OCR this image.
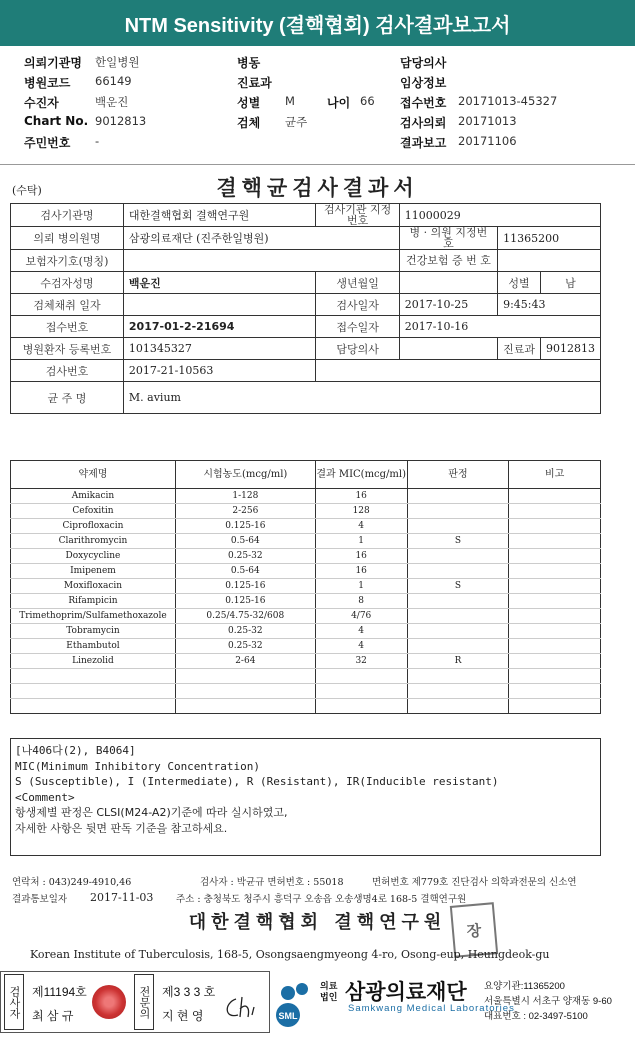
NTM Sensitivity (결핵협회) 검사결과보고서
의뢰기관명 한일병원	병동	담당의사
병원코드 66149	진료과	임상정보
수진자	백운진	성별 M	나이 66 접수번호 20171013-45327
Chart No. 9012813	검체 균주	검사의뢰 20171013
주민번호 -	결과보고 20171106
(수탁)	결핵균검사결과서
검사기관명	대한결핵협회 결핵연구원	검사기관 지정번호	11000029		
의뢰 병의원명	삼광의료재단 (진주한일병원)		병 · 의원 지정번호	11365200	
보험자기호(명칭)			건강보험 증 번 호		
수검자성명	백운진	생년월일		성별	남
검체채취 일자		검사일자	2017-10-25	9:45:43	
접수번호	2017-01-2-21694	접수일자	2017-10-16		
병원환자 등록번호	101345327	담당의사		진료과	9012813
검사번호	2017-21-10563				
균 주 명	M. avium				
약제명	시험농도(mcg/ml)	결과 MIC(mcg/ml)	판정	비고
Amikacin	1-128	16		
Cefoxitin	2-256	128		
Ciprofloxacin	0.125-16	4		
Clarithromycin	0.5-64	1	S	
Doxycycline	0.25-32	16		
Imipenem	0.5-64	16		
Moxifloxacin	0.125-16	1	S	
Rifampicin	0.125-16	8		
Trimethoprim/Sulfamethoxazole	0.25/4.75-32/608	4/76		
Tobramycin	0.25-32	4		
Ethambutol	0.25-32	4		
Linezolid	2-64	32	R	

[나406다(2), B4064]
MIC(Minimum Inhibitory Concentration)
S (Susceptible), I (Intermediate), R (Resistant), IR(Inducible resistant)
<Comment>
항생제별 판정은 CLSI(M24-A2)기준에 따라 실시하였고,
자세한 사항은 뒷면 판독 기준을 참고하세요.
연락처 : 043)249-4910,46	검사자 : 박균규 면허번호 : 55018	면허번호 제779호 진단검사 의학과전문의 신소연
결과통보일자 2017-11-03 주소 : 충청북도 청주시 흥덕구 오송읍 오송생명4로 168-5 결핵연구원
대한결핵협회 결핵연구원	장
Korean Institute of Tuberculosis, 168-5, Osongsaengmyeong 4-ro, Osong-eup, Heungdeok-gu
검사자 제11194호
최 삼 규	전문의 제3 3 3 호
지 현 영	SML
의료 법인 삼광의료재단
Samkwang Medical Laboratories
요양기관:11365200
서울특별시 서초구 양재동 9-60
대표번호 : 02-3497-5100
